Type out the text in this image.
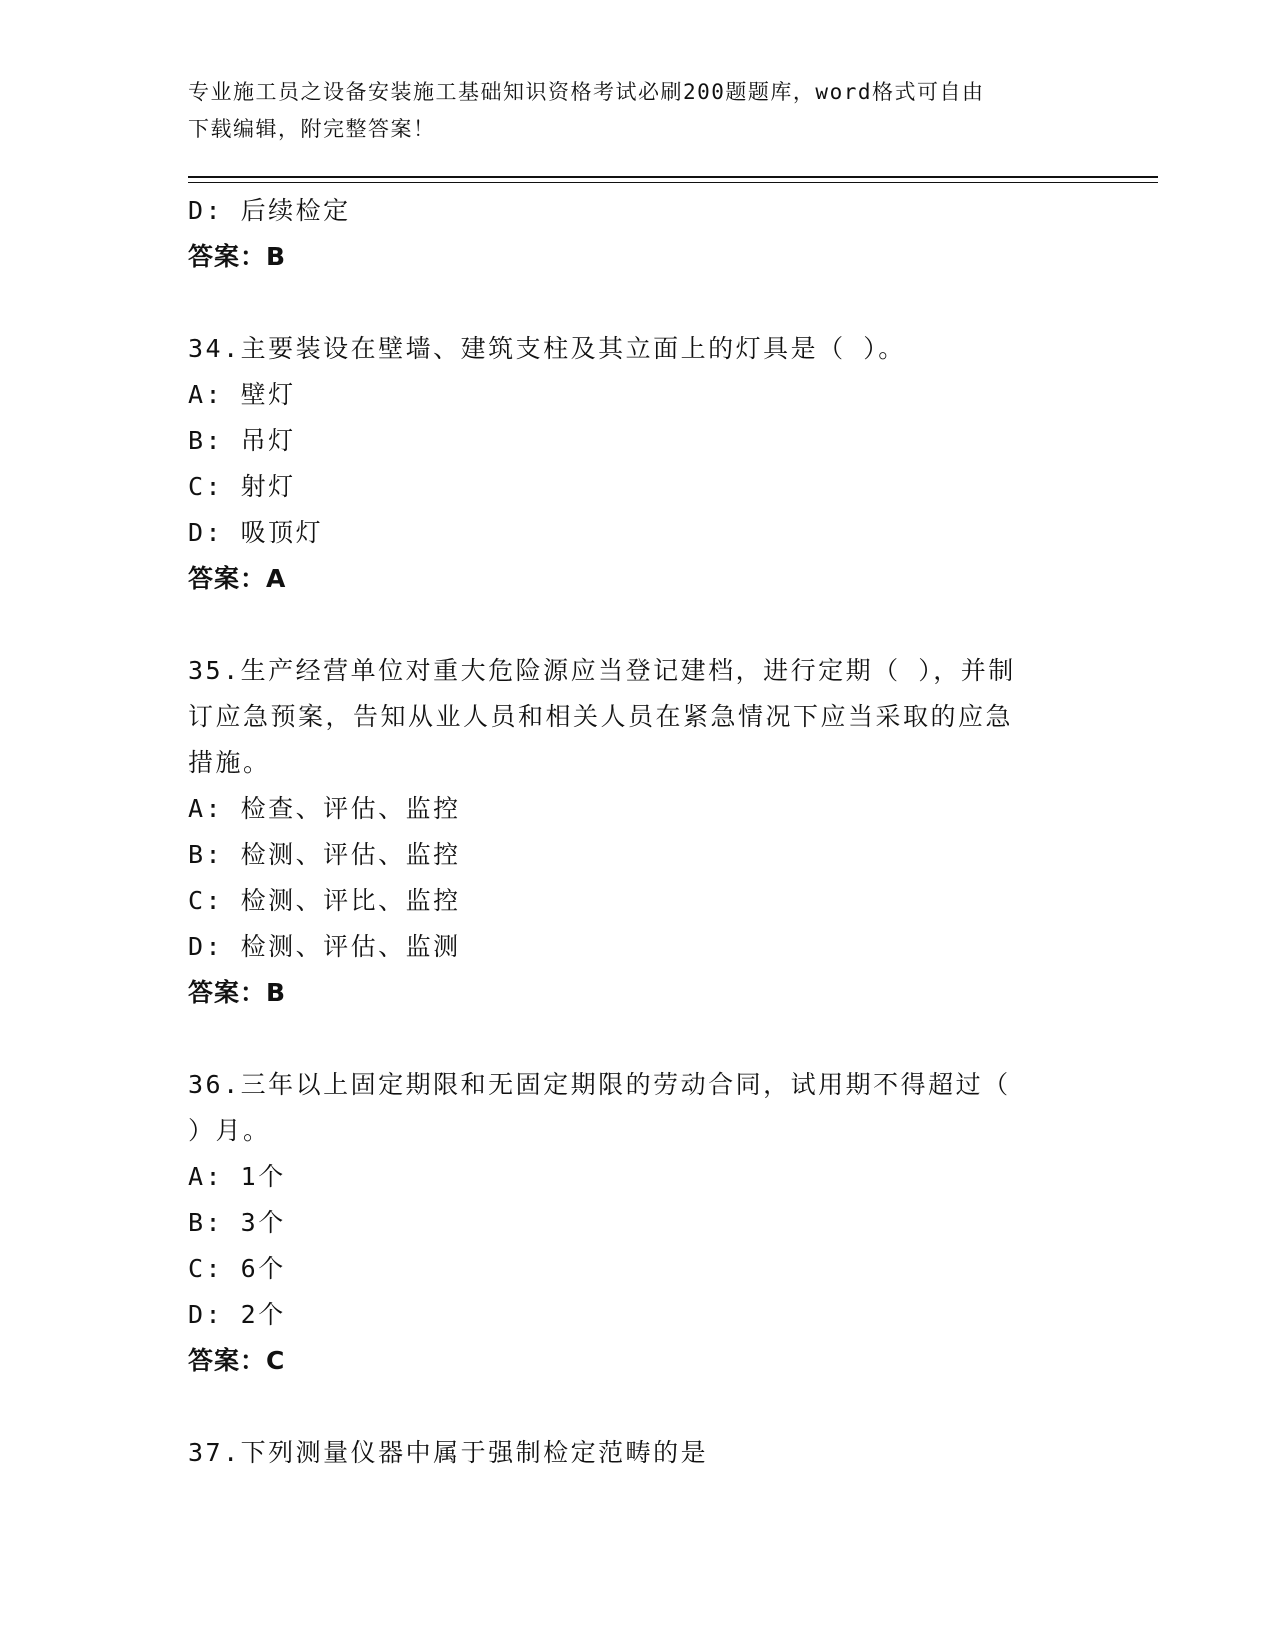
专业施工员之设备安装施工基础知识资格考试必刷200题题库，word格式可自由
下载编辑，附完整答案！
D: 后续检定
答案：B
34.主要装设在壁墙、建筑支柱及其立面上的灯具是（ ）。
A: 壁灯
B: 吊灯
C: 射灯
D: 吸顶灯
答案：A
35.生产经营单位对重大危险源应当登记建档，进行定期（ ），并制
订应急预案，告知从业人员和相关人员在紧急情况下应当采取的应急
措施。
A: 检查、评估、监控
B: 检测、评估、监控
C: 检测、评比、监控
D: 检测、评估、监测
答案：B
36.三年以上固定期限和无固定期限的劳动合同，试用期不得超过（
）月。
A: 1个
B: 3个
C: 6个
D: 2个
答案：C
37.下列测量仪器中属于强制检定范畴的是
